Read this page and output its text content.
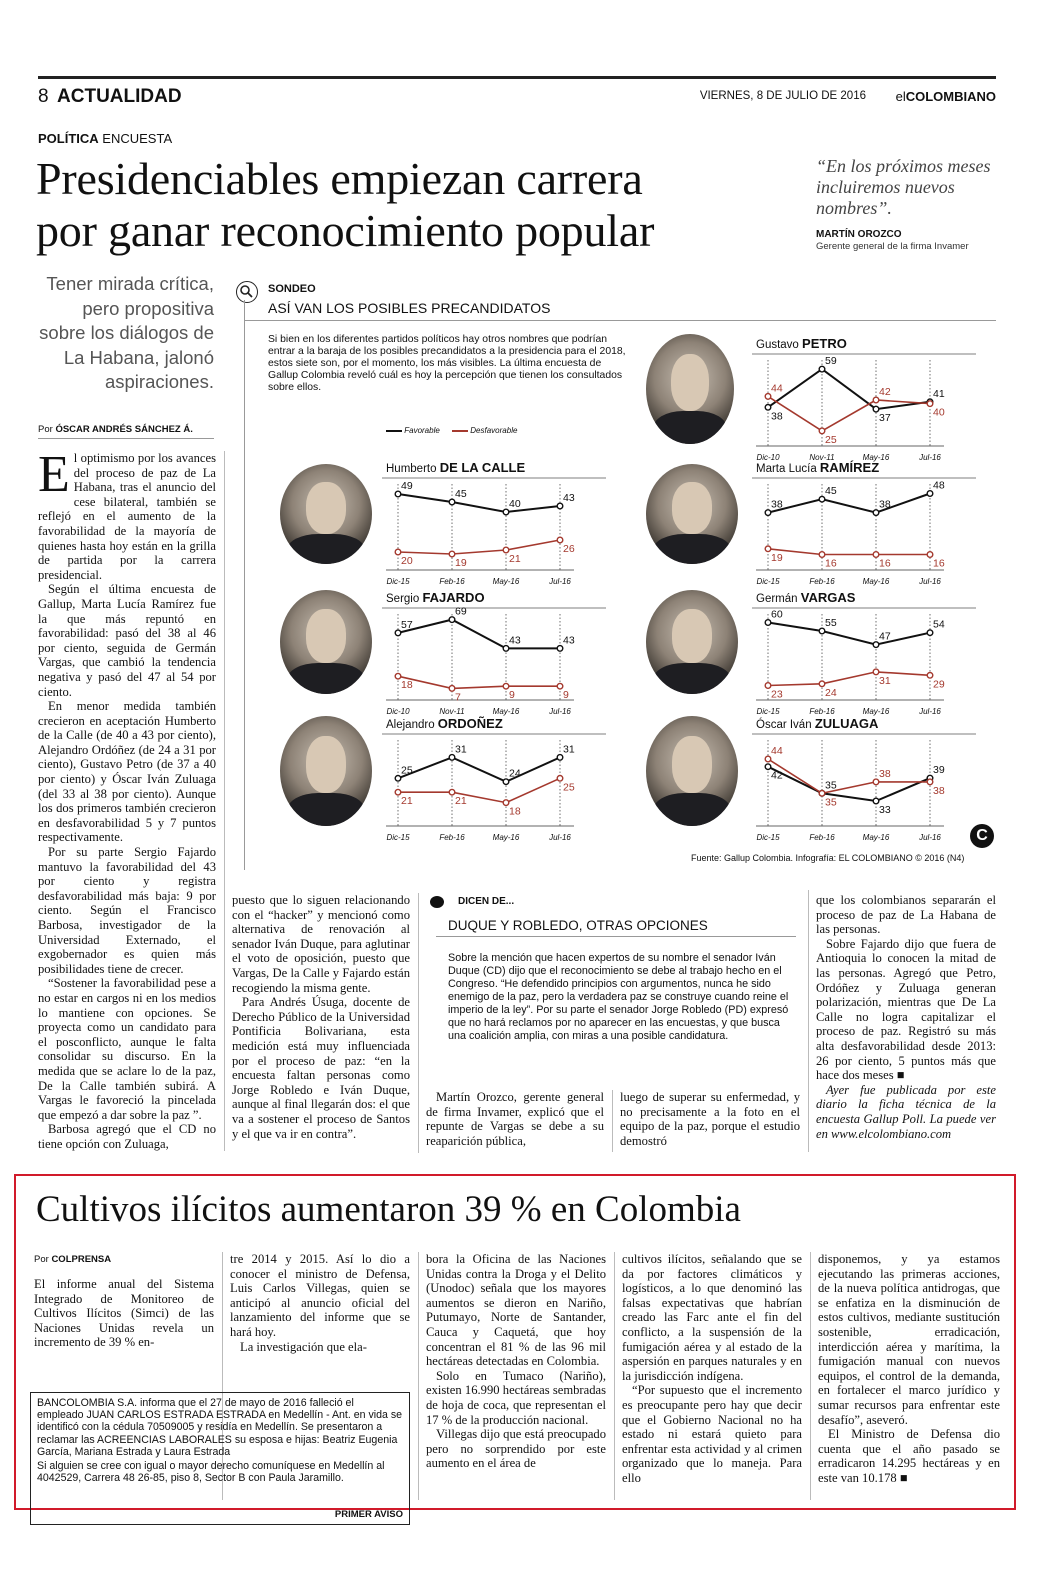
8 ACTUALIDAD	VIERNES, 8 DE JULIO DE 2016 elCOLOMBIANO
POLÍTICA ENCUESTA
Presidenciables empiezan carrera
por ganar reconocimiento popular
“En los próximos meses incluiremos nuevos nombres”.
MARTÍN OROZCO
Gerente general de la firma Invamer
Tener mirada crítica, pero propositiva sobre los diálogos de La Habana, jalonó aspiraciones.
Por ÓSCAR ANDRÉS SÁNCHEZ Á.

El optimismo por los avances del proceso de paz de La Habana, tras el anuncio del cese bilateral, también se reflejó en el aumento de la favorabilidad de la mayoría de quienes hasta hoy están en la grilla de partida por la carrera presidencial.

Según el última encuesta de Gallup, Marta Lucía Ramírez fue la que más repuntó en favorabilidad: pasó del 38 al 46 por ciento, seguida de Germán Vargas, que cambió la tendencia negativa y pasó del 47 al 54 por ciento.

En menor medida también crecieron en aceptación Humberto de la Calle (de 40 a 43 por ciento), Alejandro Ordóñez (de 24 a 31 por ciento), Gustavo Petro (de 37 a 40 por ciento) y Óscar Iván Zuluaga (del 33 al 38 por ciento). Aunque los dos primeros también crecieron en desfavorabilidad 5 y 7 puntos respectivamente.

Por su parte Sergio Fajardo mantuvo la favorabilidad del 43 por ciento y registra desfavorabilidad más baja: 9 por ciento. Según el Francisco Barbosa, investigador de la Universidad Externado, el exgobernador es quien más posibilidades tiene de crecer.

“Sostener la favorabilidad pese a no estar en cargos ni en los medios lo mantiene con opciones. Se proyecta como un candidato para el posconflicto, aunque le falta consolidar su discurso. En la medida que se aclare lo de la paz, De la Calle también subirá. A Vargas le favoreció la pincelada que empezó a dar sobre la paz ”.

Barbosa agregó que el CD no tiene opción con Zuluaga,

SONDEO
ASÍ VAN LOS POSIBLES PRECANDIDATOS
Si bien en los diferentes partidos políticos hay otros nombres que podrían entrar a la baraja de los posibles precandidatos a la presidencia para el 2018, estos siete son, por el momento, los más visibles. La última encuesta de Gallup Colombia reveló cuál es hoy la percepción que tienen los consultados sobre ellos.
Favorable	Desfavorable
Gustavo PETRO
Dic-10	Nov-11	May-16	Jul-16
38
59
37
41
44
25
42
40
Humberto DE LA CALLE
Dic-15	Feb-16	May-16	Jul-16
49
45
40	43
20	19	21
26
Marta Lucía RAMÍREZ
Dic-15	Feb-16	May-16	Jul-16
38
45
38
48
19	16	16	16
Sergio FAJARDO
Dic-10	Nov-11	May-16	Jul-16
57
69
43	43
18
7	9	9
Germán VARGAS
Dic-15	Feb-16	May-16	Jul-16
60
55
47
54
23	24
31	29
Alejandro ORDOÑEZ
Dic-15	Feb-16	May-16	Jul-16
25
31
24
31
21	21
18
25
Óscar Iván ZULUAGA
Dic-15	Feb-16	May-16	Jul-16
42
35
33
39
44
35
38
38
Fuente: Gallup Colombia. Infografía: EL COLOMBIANO © 2016 (N4)
C

puesto que lo siguen relacionando con el “hacker” y mencionó como alternativa de renovación al senador Iván Duque, para aglutinar el voto de oposición, puesto que Vargas, De la Calle y Fajardo están recogiendo la misma gente.

Para Andrés Úsuga, docente de Derecho Público de la Universidad Pontificia Bolivariana, esta medición está muy influenciada por el proceso de paz: “en la encuesta faltan personas como Jorge Robledo e Iván Duque, aunque al final llegarán dos: el que va a sostener el proceso de Santos y el que va ir en contra”.

DICEN DE...
DUQUE Y ROBLEDO, OTRAS OPCIONES
Sobre la mención que hacen expertos de su nombre el senador Iván Duque (CD) dijo que el reconocimiento se debe al trabajo hecho en el Congreso. “He defendido principios con argumentos, nunca he sido enemigo de la paz, pero la verdadera paz se construye cuando reine el imperio de la ley”. Por su parte el senador Jorge Robledo (PD) expresó que no hará reclamos por no aparecer en las encuestas, y que busca una coalición amplia, con miras a una posible candidatura.

Martín Orozco, gerente general de firma Invamer, explicó que el repunte de Vargas se debe a su reaparición pública,

luego de superar su enfermedad, y no precisamente a la foto en el equipo de la paz, porque el estudio demostró

que los colombianos separarán el proceso de paz de La Habana de las personas.

Sobre Fajardo dijo que fuera de Antioquia lo conocen la mitad de las personas. Agregó que Petro, Ordóñez y Zuluaga generan polarización, mientras que De La Calle no logra capitalizar el proceso de paz. Registró su más alta desfavorabilidad desde 2013: 26 por ciento, 5 puntos más que hace dos meses ■

Ayer fue publicada por este diario la ficha técnica de la encuesta Gallup Poll. La puede ver en www.elcolombiano.com

Cultivos ilícitos aumentaron 39 % en Colombia
Por COLPRENSA

El informe anual del Sistema Integrado de Monitoreo de Cultivos Ilícitos (Simci) de las Naciones Unidas revela un incremento de 39 % en-

tre 2014 y 2015. Así lo dio a conocer el ministro de Defensa, Luis Carlos Villegas, quien se anticipó al anuncio oficial del lanzamiento del informe que se hará hoy.

La investigación que ela-

bora la Oficina de las Naciones Unidas contra la Droga y el Delito (Unodoc) señala que los mayores aumentos se dieron en Nariño, Putumayo, Norte de Santander, Cauca y Caquetá, que hoy concentran el 81 % de las 96 mil hectáreas detectadas en Colombia.

Solo en Tumaco (Nariño), existen 16.990 hectáreas sembradas de hoja de coca, que representan el 17 % de la producción nacional.

Villegas dijo que está preocupado pero no sorprendido por este aumento en el área de

cultivos ilícitos, señalando que se da por factores climáticos y logísticos, a lo que denominó las falsas expectativas que habrían creado las Farc ante el fin del conflicto, a la suspensión de la fumigación aérea y al estado de la aspersión en parques naturales y en la jurisdicción indígena.

“Por supuesto que el incremento es preocupante pero hay que decir que el Gobierno Nacional no ha estado ni estará quieto para enfrentar esta actividad y al crimen organizado que lo maneja. Para ello

disponemos, y ya estamos ejecutando las primeras acciones, de la nueva política antidrogas, que se enfatiza en la disminución de estos cultivos, mediante sustitución sostenible, erradicación, interdicción aérea y marítima, la fumigación manual con nuevos equipos, el control de la demanda, en fortalecer el marco jurídico y sumar recursos para enfrentar este desafío”, aseveró.

El Ministro de Defensa dio cuenta que el año pasado se erradicaron 14.295 hectáreas y en este van 10.178 ■

BANCOLOMBIA S.A. informa que el 27 de mayo de 2016 falleció el empleado JUAN CARLOS ESTRADA ESTRADA en Medellín - Ant. en vida se identificó con la cédula 70509005 y residía en Medellín. Se presentaron a reclamar las ACREENCIAS LABORALES su esposa e hijas: Beatriz Eugenia García, Mariana Estrada y Laura Estrada
Si alguien se cree con igual o mayor derecho comuníquese en Medellín al 4042529, Carrera 48 26-85, piso 8, Sector B con Paula Jaramillo.
PRIMER AVISO
